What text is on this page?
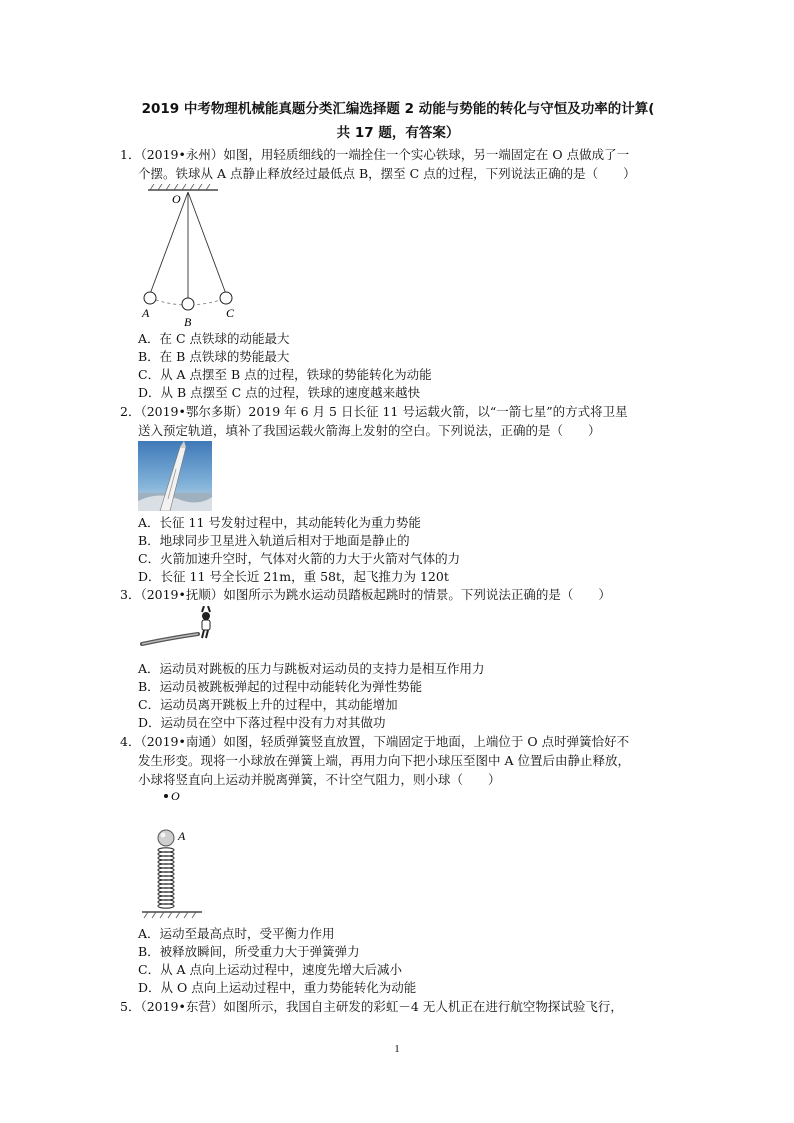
2019 中考物理机械能真题分类汇编选择题 2 动能与势能的转化与守恒及功率的计算(
共 17 题，有答案）
1．（2019•永州）如图，用轻质细线的一端拴住一个实心铁球，另一端固定在 O 点做成了一
个摆。铁球从 A 点静止释放经过最低点 B，摆至 C 点的过程，下列说法正确的是（　　）
O
A
B
C
A．在 C 点铁球的动能最大
B．在 B 点铁球的势能最大
C．从 A 点摆至 B 点的过程，铁球的势能转化为动能
D．从 B 点摆至 C 点的过程，铁球的速度越来越快
2．（2019•鄂尔多斯）2019 年 6 月 5 日长征 11 号运载火箭，以“一箭七星”的方式将卫星
送入预定轨道，填补了我国运载火箭海上发射的空白。下列说法，正确的是（　　）
A．长征 11 号发射过程中，其动能转化为重力势能
B．地球同步卫星进入轨道后相对于地面是静止的
C．火箭加速升空时，气体对火箭的力大于火箭对气体的力
D．长征 11 号全长近 21m，重 58t，起飞推力为 120t
3．（2019•抚顺）如图所示为跳水运动员踏板起跳时的情景。下列说法正确的是（　　）
A．运动员对跳板的压力与跳板对运动员的支持力是相互作用力
B．运动员被跳板弹起的过程中动能转化为弹性势能
C．运动员离开跳板上升的过程中，其动能增加
D．运动员在空中下落过程中没有力对其做功
4．（2019•南通）如图，轻质弹簧竖直放置，下端固定于地面，上端位于 O 点时弹簧恰好不
发生形变。现将一小球放在弹簧上端，再用力向下把小球压至图中 A 位置后由静止释放，
小球将竖直向上运动并脱离弹簧，不计空气阻力，则小球（　　）
O
A
A．运动至最高点时，受平衡力作用
B．被释放瞬间，所受重力大于弹簧弹力
C．从 A 点向上运动过程中，速度先增大后减小
D．从 O 点向上运动过程中，重力势能转化为动能
5．（2019•东营）如图所示，我国自主研发的彩虹－4 无人机正在进行航空物探试验飞行，
1
